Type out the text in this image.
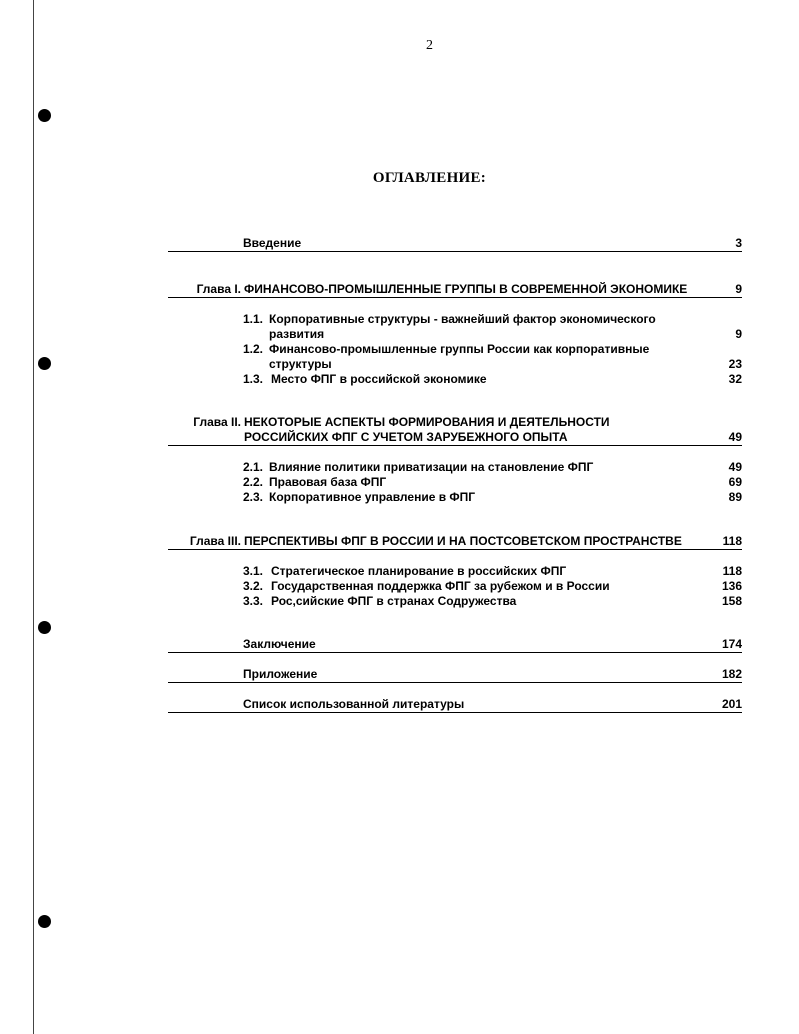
2
ОГЛАВЛЕНИЕ:
Введение	3
Глава I. ФИНАНСОВО-ПРОМЫШЛЕННЫЕ ГРУППЫ В СОВРЕМЕННОЙ ЭКОНОМИКЕ	9
1.1. Корпоративные структуры - важнейший фактор экономического
развития	9
1.2. Финансово-промышленные группы России как корпоративные
структуры	23
1.3. Место ФПГ в российской экономике	32
Глава II. НЕКОТОРЫЕ АСПЕКТЫ ФОРМИРОВАНИЯ И ДЕЯТЕЛЬНОСТИ
РОССИЙСКИХ ФПГ С УЧЕТОМ ЗАРУБЕЖНОГО ОПЫТА	49
2.1. Влияние политики приватизации на становление ФПГ	49
2.2. Правовая база ФПГ	69
2.3. Корпоративное управление в ФПГ	89
Глава III. ПЕРСПЕКТИВЫ ФПГ В РОССИИ И НА ПОСТСОВЕТСКОМ ПРОСТРАНСТВЕ	118
3.1. Стратегическое планирование в российских ФПГ	118
3.2. Государственная поддержка ФПГ за рубежом и в России	136
3.3. Рос,сийские ФПГ в странах Содружества	158
Заключение	174
Приложение	182
Список использованной литературы	201
